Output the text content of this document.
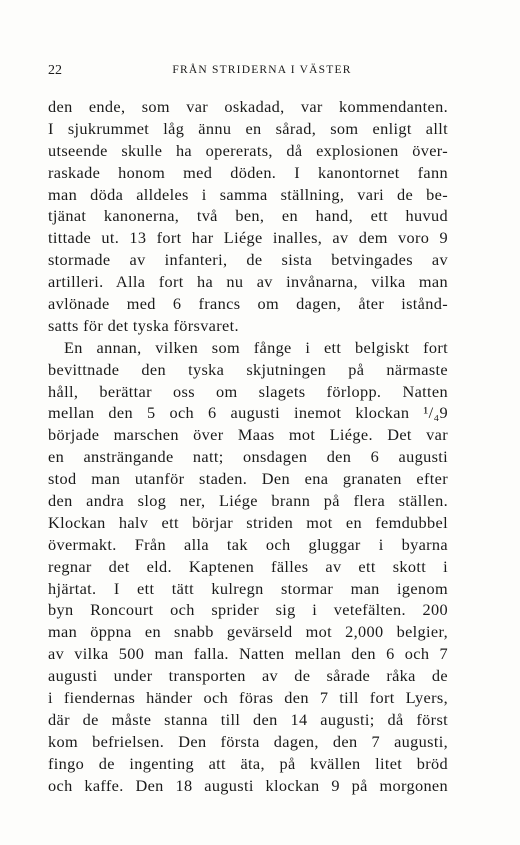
22	FRÅN STRIDERNA I VÄSTER
den ende, som var oskadad, var kommendanten.
I sjukrummet låg ännu en sårad, som enligt allt
utseende skulle ha opererats, då explosionen över-
raskade honom med döden. I kanontornet fann
man döda alldeles i samma ställning, vari de be-
tjänat kanonerna, två ben, en hand, ett huvud
tittade ut. 13 fort har Liége inalles, av dem voro 9
stormade av infanteri, de sista betvingades av
artilleri. Alla fort ha nu av invånarna, vilka man
avlönade med 6 francs om dagen, åter istånd-
satts för det tyska försvaret.
En annan, vilken som fånge i ett belgiskt fort
bevittnade den tyska skjutningen på närmaste
håll, berättar oss om slagets förlopp. Natten
mellan den 5 och 6 augusti inemot klockan ¹/₄9
började marschen över Maas mot Liége. Det var
en ansträngande natt; onsdagen den 6 augusti
stod man utanför staden. Den ena granaten efter
den andra slog ner, Liége brann på flera ställen.
Klockan halv ett börjar striden mot en femdubbel
övermakt. Från alla tak och gluggar i byarna
regnar det eld. Kaptenen fälles av ett skott i
hjärtat. I ett tätt kulregn stormar man igenom
byn Roncourt och sprider sig i vetefälten. 200
man öppna en snabb gevärseld mot 2,000 belgier,
av vilka 500 man falla. Natten mellan den 6 och 7
augusti under transporten av de sårade råka de
i fiendernas händer och föras den 7 till fort Lyers,
där de måste stanna till den 14 augusti; då först
kom befrielsen. Den första dagen, den 7 augusti,
fingo de ingenting att äta, på kvällen litet bröd
och kaffe. Den 18 augusti klockan 9 på morgonen
